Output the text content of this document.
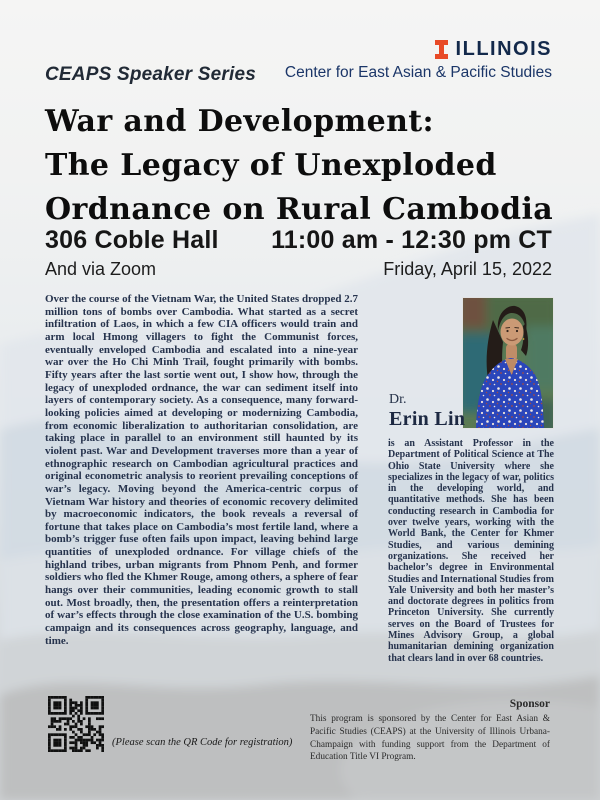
CEAPS Speaker Series
ILLINOIS
Center for East Asian & Pacific Studies
War and Development:
The Legacy of Unexploded
Ordnance on Rural Cambodia
306 Coble Hall
And via Zoom
11:00 am - 12:30 pm CT
Friday, April 15, 2022
Over the course of the Vietnam War, the United States dropped 2.7 million tons of bombs over Cambodia. What started as a secret infiltration of Laos, in which a few CIA officers would train and arm local Hmong villagers to fight the Communist forces, eventually enveloped Cambodia and escalated into a nine-year war over the Ho Chi Minh Trail, fought primarily with bombs. Fifty years after the last sortie went out, I show how, through the legacy of unexploded ordnance, the war can sediment itself into layers of contemporary society. As a consequence, many forward-looking policies aimed at developing or modernizing Cambodia, from economic liberalization to authoritarian consolidation, are taking place in parallel to an environment still haunted by its violent past. War and Development traverses more than a year of ethnographic research on Cambodian agricultural practices and original econometric analysis to reorient prevailing conceptions of war’s legacy. Moving beyond the America-centric corpus of Vietnam War history and theories of economic recovery delimited by macroeconomic indicators, the book reveals a reversal of fortune that takes place on Cambodia’s most fertile land, where a bomb’s trigger fuse often fails upon impact, leaving behind large quantities of unexploded ordnance. For village chiefs of the highland tribes, urban migrants from Phnom Penh, and former soldiers who fled the Khmer Rouge, among others, a sphere of fear hangs over their communities, leading economic growth to stall out. Most broadly, then, the presentation offers a reinterpretation of war’s effects through the close examination of the U.S. bombing campaign and its consequences across geography, language, and time.
Dr.
Erin Lin
is an Assistant Professor in the Department of Political Science at The Ohio State University where she specializes in the legacy of war, politics in the developing world, and quantitative methods. She has been conducting research in Cambodia for over twelve years, working with the World Bank, the Center for Khmer Studies, and various demining organizations. She received her bachelor’s degree in Environmental Studies and International Studies from Yale University and both her master’s and doctorate degrees in politics from Princeton University. She currently serves on the Board of Trustees for Mines Advisory Group, a global humanitarian demining organization that clears land in over 68 countries.
(Please scan the QR Code for registration)
Sponsor
This program is sponsored by the Center for East Asian & Pacific Studies (CEAPS) at the University of Illinois Urbana-Champaign with funding support from the Department of Education Title VI Program.
